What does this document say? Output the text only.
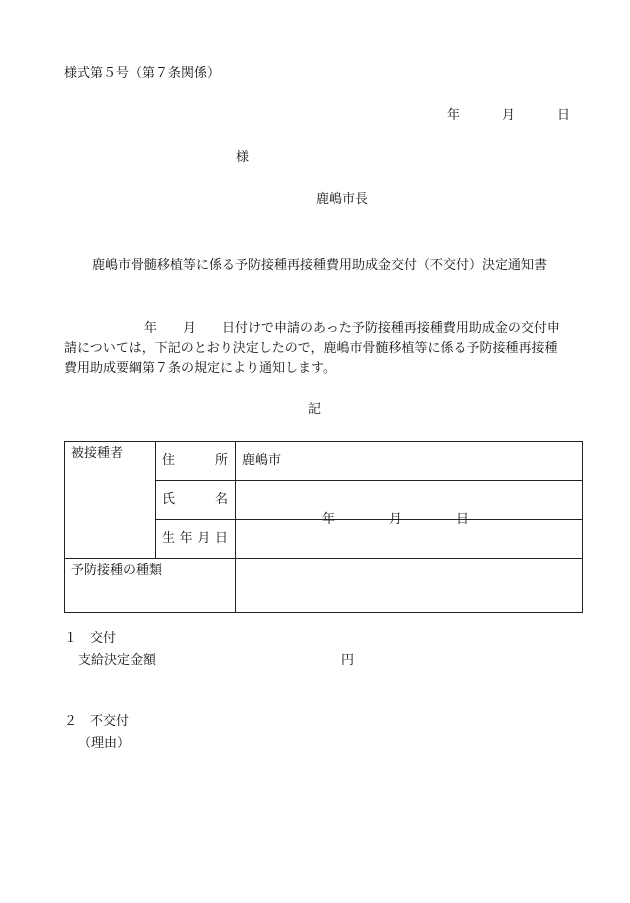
様式第５号（第７条関係）
年	月	日
様
鹿嶋市長
鹿嶋市骨髄移植等に係る予防接種再接種費用助成金交付（不交付）決定通知書
年 月 日付けで申請のあった予防接種再接種費用助成金の交付申
請については，下記のとおり決定したので，鹿嶋市骨髄移植等に係る予防接種再接種
費用助成要綱第７条の規定により通知します。
記
被接種者	住 所	鹿嶋市

	氏 名	

	生 年 月 日	年 月 日

予防接種の種類		
１　交付
支給決定金額	円
２　不交付
（理由）
